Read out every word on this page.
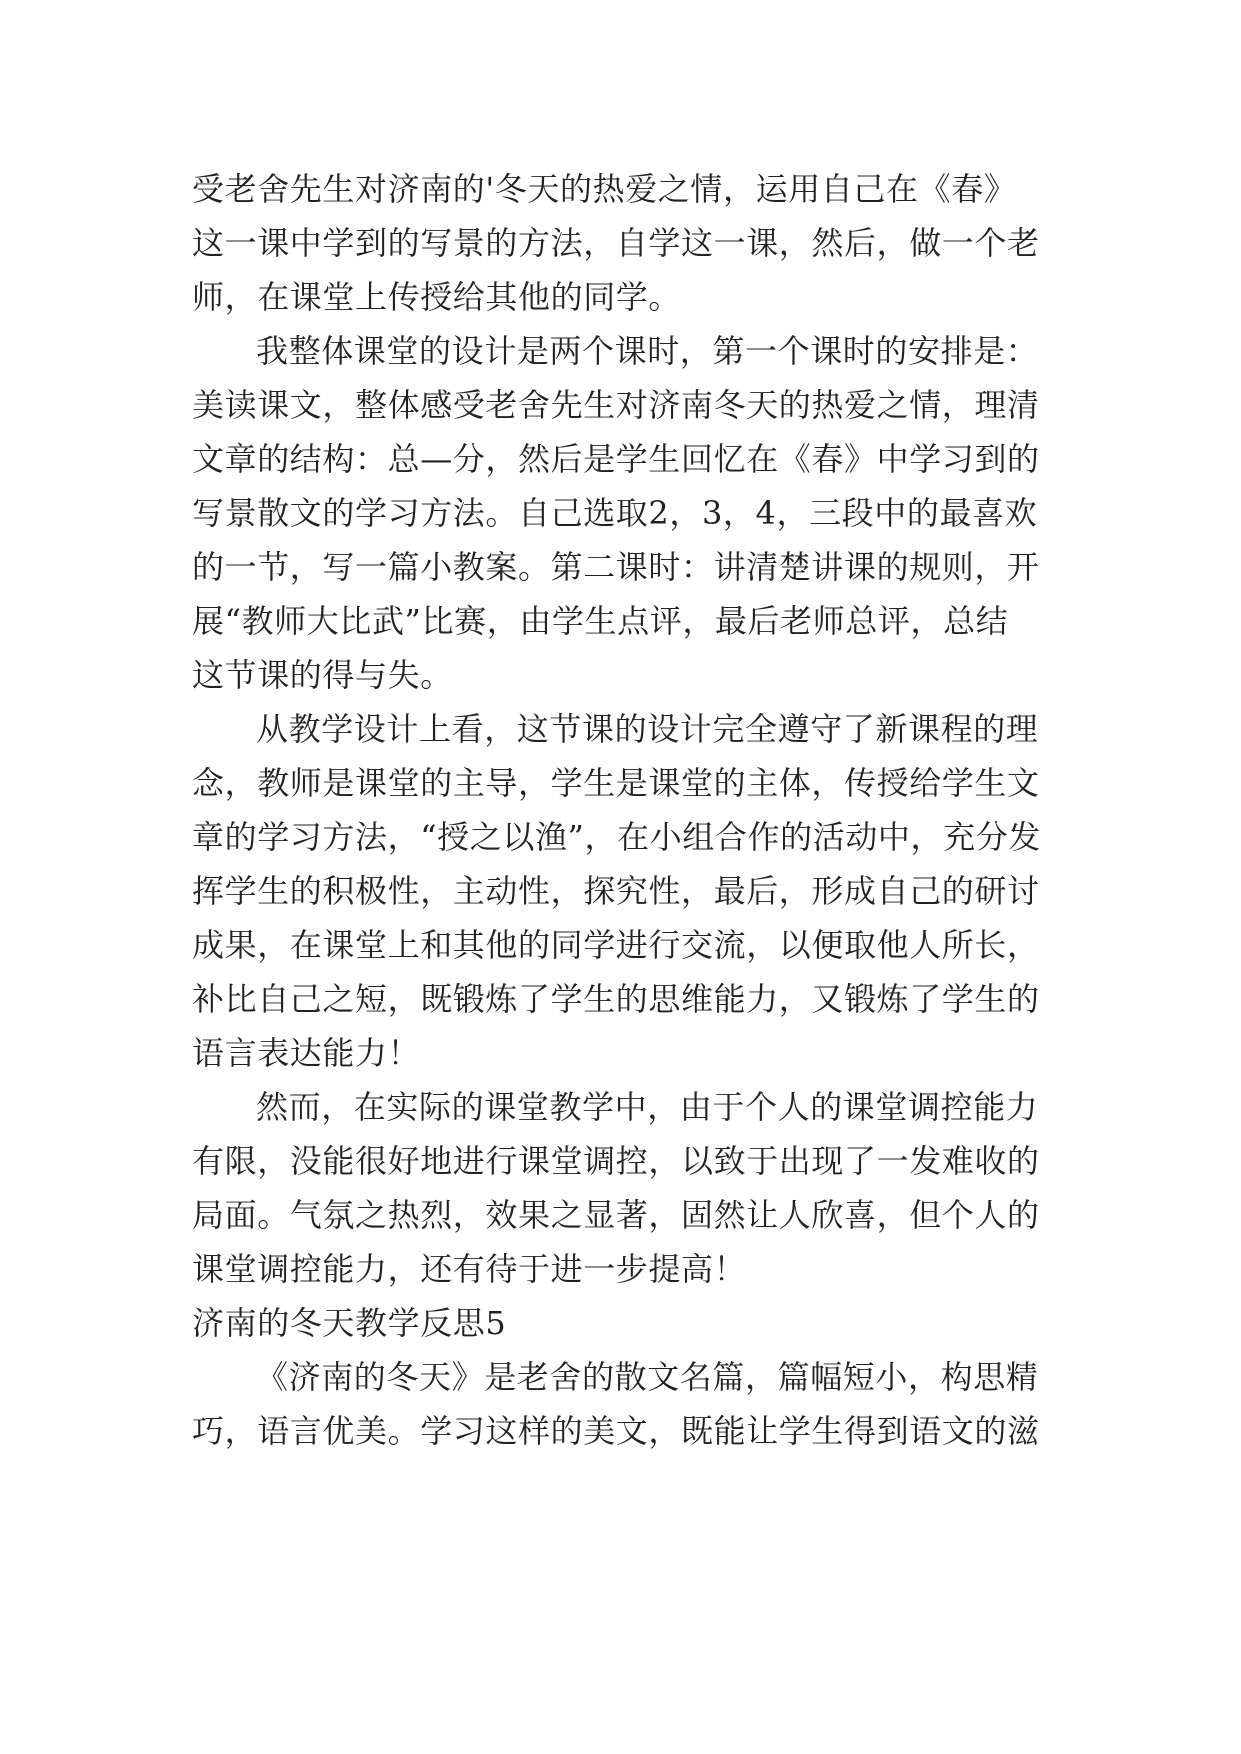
受老舍先生对济南的'冬天的热爱之情，运用自己在《春》
这一课中学到的写景的方法，自学这一课，然后，做一个老
师，在课堂上传授给其他的同学。
我整体课堂的设计是两个课时，第一个课时的安排是：
美读课文，整体感受老舍先生对济南冬天的热爱之情，理清
文章的结构：总—分，然后是学生回忆在《春》中学习到的
写景散文的学习方法。自己选取2，3，4，三段中的最喜欢
的一节，写一篇小教案。第二课时：讲清楚讲课的规则，开
展“教师大比武”比赛，由学生点评，最后老师总评，总结
这节课的得与失。
从教学设计上看，这节课的设计完全遵守了新课程的理
念，教师是课堂的主导，学生是课堂的主体，传授给学生文
章的学习方法，“授之以渔”，在小组合作的活动中，充分发
挥学生的积极性，主动性，探究性，最后，形成自己的研讨
成果，在课堂上和其他的同学进行交流，以便取他人所长，
补比自己之短，既锻炼了学生的思维能力，又锻炼了学生的
语言表达能力！
然而，在实际的课堂教学中，由于个人的课堂调控能力
有限，没能很好地进行课堂调控，以致于出现了一发难收的
局面。气氛之热烈，效果之显著，固然让人欣喜，但个人的
课堂调控能力，还有待于进一步提高！
济南的冬天教学反思5
《济南的冬天》是老舍的散文名篇，篇幅短小，构思精
巧，语言优美。学习这样的美文，既能让学生得到语文的滋
